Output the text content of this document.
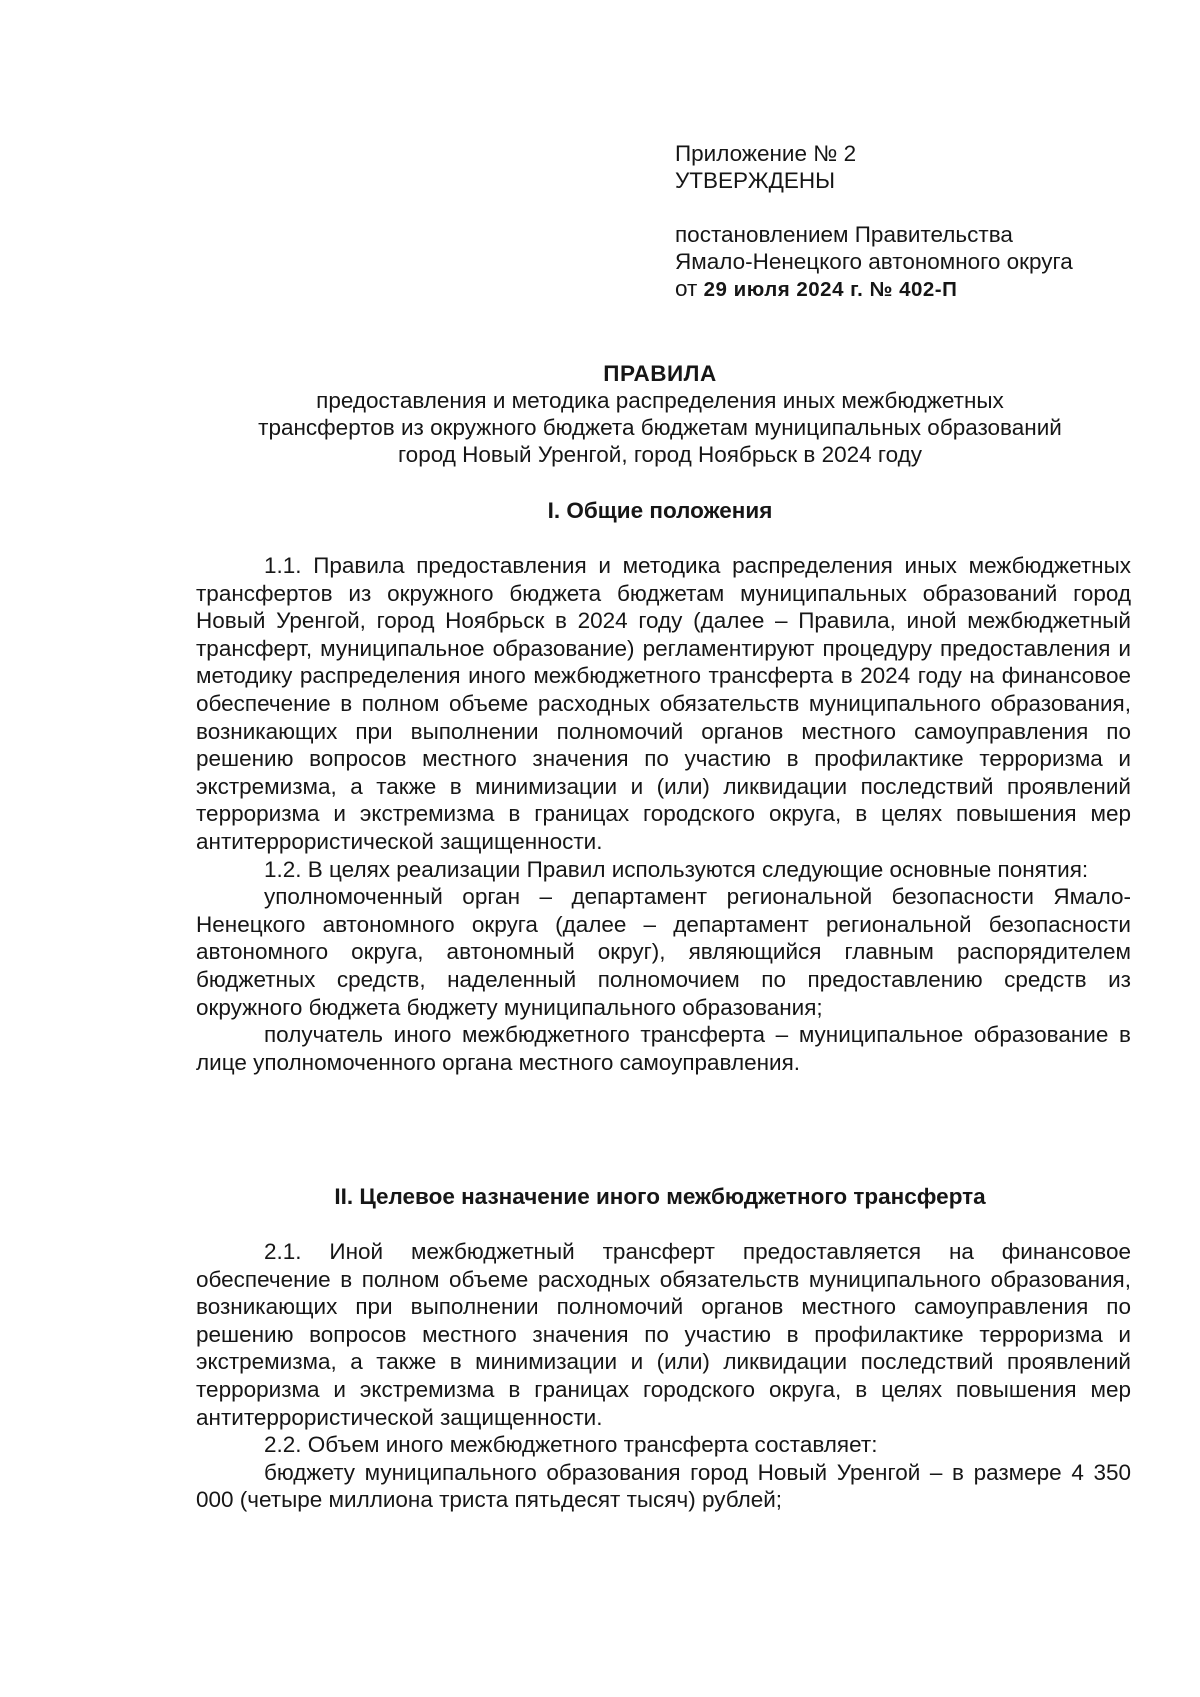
Приложение № 2
УТВЕРЖДЕНЫ
постановлением Правительства
Ямало-Ненецкого автономного округа
от 29 июля 2024 г. № 402-П
ПРАВИЛА
предоставления и методика распределения иных межбюджетных
трансфертов из окружного бюджета бюджетам муниципальных образований
город Новый Уренгой, город Ноябрьск в 2024 году
I. Общие положения

1.1. Правила предоставления и методика распределения иных межбюджетных трансфертов из окружного бюджета бюджетам муниципальных образований город Новый Уренгой, город Ноябрьск в 2024 году (далее – Правила, иной межбюджетный трансферт, муниципальное образование) регламентируют процедуру предоставления и методику распределения иного межбюджетного трансферта в 2024 году на финансовое обеспечение в полном объеме расходных обязательств муниципального образования, возникающих при выполнении полномочий органов местного самоуправления по решению вопросов местного значения по участию в профилактике терроризма и экстремизма, а также в минимизации и (или) ликвидации последствий проявлений терроризма и экстремизма в границах городского округа, в целях повышения мер антитеррористической защищенности.

1.2. В целях реализации Правил используются следующие основные понятия:

уполномоченный орган – департамент региональной безопасности Ямало-Ненецкого автономного округа (далее – департамент региональной безопасности автономного округа, автономный округ), являющийся главным распорядителем бюджетных средств, наделенный полномочием по предоставлению средств из окружного бюджета бюджету муниципального образования;

получатель иного межбюджетного трансферта – муниципальное образование в лице уполномоченного органа местного самоуправления.

II. Целевое назначение иного межбюджетного трансферта

2.1. Иной межбюджетный трансферт предоставляется на финансовое обеспечение в полном объеме расходных обязательств муниципального образования, возникающих при выполнении полномочий органов местного самоуправления по решению вопросов местного значения по участию в профилактике терроризма и экстремизма, а также в минимизации и (или) ликвидации последствий проявлений терроризма и экстремизма в границах городского округа, в целях повышения мер антитеррористической защищенности.

2.2. Объем иного межбюджетного трансферта составляет:

бюджету муниципального образования город Новый Уренгой – в размере 4 350 000 (четыре миллиона триста пятьдесят тысяч) рублей;
